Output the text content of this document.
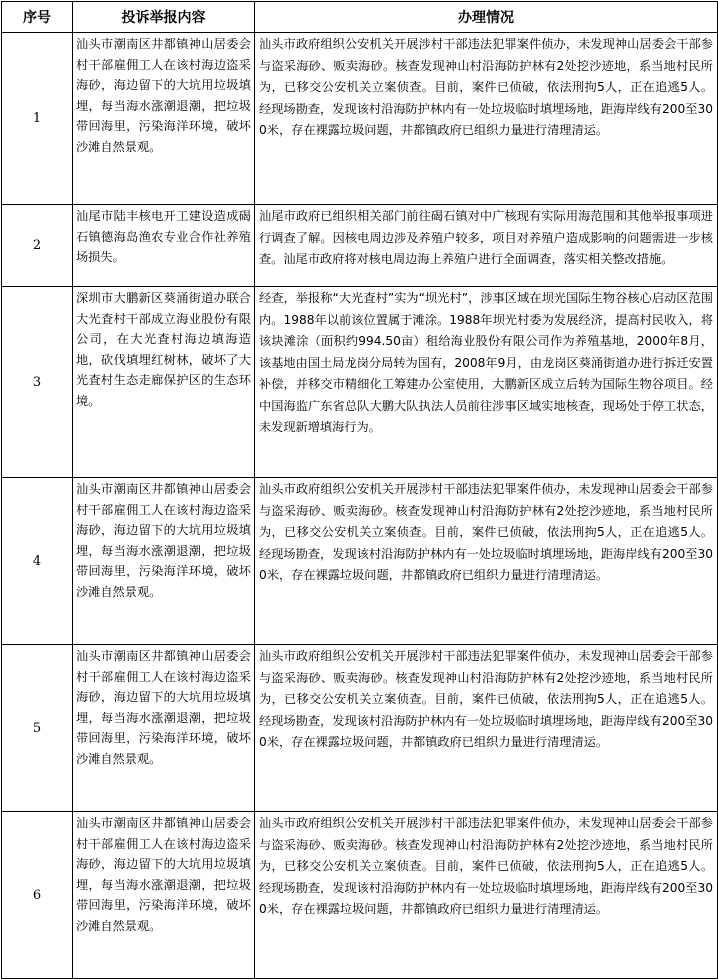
序号	投诉举报内容	办理情况
1	汕头市潮南区井都镇神山居委会村干部雇佣工人在该村海边盗采海砂，海边留下的大坑用垃圾填埋，每当海水涨潮退潮，把垃圾带回海里，污染海洋环境，破坏沙滩自然景观。	汕头市政府组织公安机关开展涉村干部违法犯罪案件侦办，未发现神山居委会干部参与盗采海砂、贩卖海砂。核查发现神山村沿海防护林有2处挖沙迹地，系当地村民所为，已移交公安机关立案侦查。目前，案件已侦破，依法刑拘5人，正在追逃5人。经现场勘查，发现该村沿海防护林内有一处垃圾临时填埋场地，距海岸线有200至300米，存在裸露垃圾问题，井都镇政府已组织力量进行清理清运。
2	汕尾市陆丰核电开工建设造成碣石镇德海岛渔农专业合作社养殖场损失。	汕尾市政府已组织相关部门前往碣石镇对中广核现有实际用海范围和其他举报事项进行调查了解。因核电周边涉及养殖户较多，项目对养殖户造成影响的问题需进一步核查。汕尾市政府将对核电周边海上养殖户进行全面调查，落实相关整改措施。
3	深圳市大鹏新区葵涌街道办联合大光査村干部成立海业股份有限公司，在大光査村海边填海造地，砍伐填埋红树林，破坏了大光査村生态走廊保护区的生态环境。	经查，举报称“大光査村”实为“坝光村”，涉事区域在坝光国际生物谷核心启动区范围内。1988年以前该位置属于滩涂。1988年坝光村委为发展经济，提高村民收入，将该块滩涂（面积约994.50亩）租给海业股份有限公司作为养殖基地，2000年8月，该基地由国土局龙岗分局转为国有，2008年9月，由龙岗区葵涌街道办进行拆迁安置补偿，并移交市精细化工筹建办公室使用，大鹏新区成立后转为国际生物谷项目。经中国海监广东省总队大鹏大队执法人员前往涉事区域实地核查，现场处于停工状态，未发现新增填海行为。
4	汕头市潮南区井都镇神山居委会村干部雇佣工人在该村海边盗采海砂，海边留下的大坑用垃圾填埋，每当海水涨潮退潮，把垃圾带回海里，污染海洋环境，破坏沙滩自然景观。	汕头市政府组织公安机关开展涉村干部违法犯罪案件侦办，未发现神山居委会干部参与盗采海砂、贩卖海砂。核查发现神山村沿海防护林有2处挖沙迹地，系当地村民所为，已移交公安机关立案侦查。目前，案件已侦破，依法刑拘5人，正在追逃5人。经现场勘查，发现该村沿海防护林内有一处垃圾临时填埋场地，距海岸线有200至300米，存在裸露垃圾问题，井都镇政府已组织力量进行清理清运。
5	汕头市潮南区井都镇神山居委会村干部雇佣工人在该村海边盗采海砂，海边留下的大坑用垃圾填埋，每当海水涨潮退潮，把垃圾带回海里，污染海洋环境，破坏沙滩自然景观。	汕头市政府组织公安机关开展涉村干部违法犯罪案件侦办，未发现神山居委会干部参与盗采海砂、贩卖海砂。核查发现神山村沿海防护林有2处挖沙迹地，系当地村民所为，已移交公安机关立案侦查。目前，案件已侦破，依法刑拘5人，正在追逃5人。经现场勘查，发现该村沿海防护林内有一处垃圾临时填埋场地，距海岸线有200至300米，存在裸露垃圾问题，井都镇政府已组织力量进行清理清运。
6	汕头市潮南区井都镇神山居委会村干部雇佣工人在该村海边盗采海砂，海边留下的大坑用垃圾填埋，每当海水涨潮退潮，把垃圾带回海里，污染海洋环境，破坏沙滩自然景观。	汕头市政府组织公安机关开展涉村干部违法犯罪案件侦办，未发现神山居委会干部参与盗采海砂、贩卖海砂。核查发现神山村沿海防护林有2处挖沙迹地，系当地村民所为，已移交公安机关立案侦查。目前，案件已侦破，依法刑拘5人，正在追逃5人。经现场勘查，发现该村沿海防护林内有一处垃圾临时填埋场地，距海岸线有200至300米，存在裸露垃圾问题，井都镇政府已组织力量进行清理清运。
